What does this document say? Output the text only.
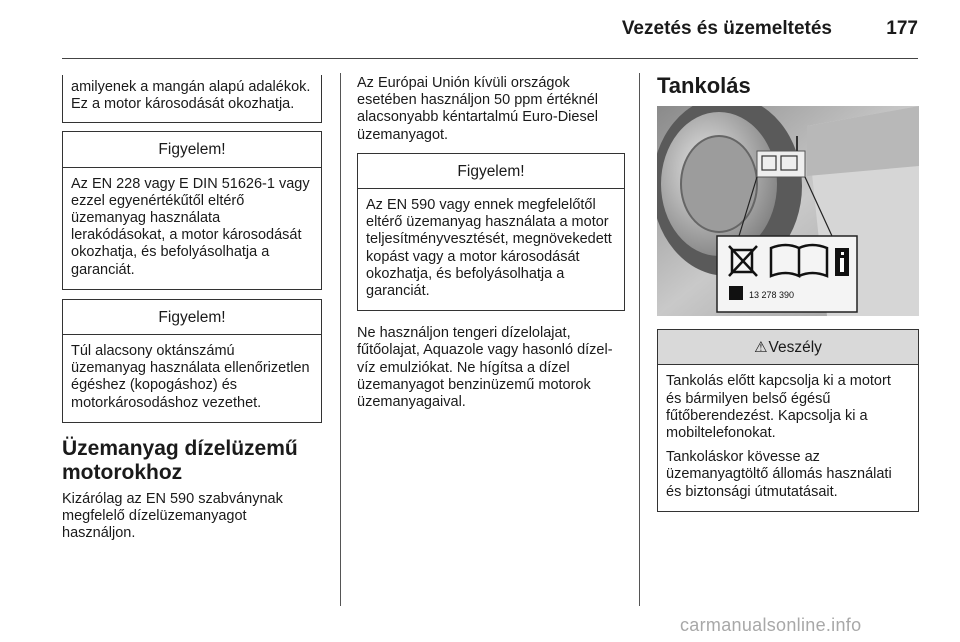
Vezetés és üzemeltetés	177
amilyenek a mangán alapú adalékok. Ez a motor károsodását okozhatja.
Figyelem!
Az EN 228 vagy E DIN 51626-1 vagy ezzel egyenértékűtől eltérő üzemanyag használata lerakódásokat, a motor károsodását okozhatja, és befolyásolhatja a garanciát.
Figyelem!
Túl alacsony oktánszámú üzemanyag használata ellenőrizetlen égéshez (kopogáshoz) és motorkárosodáshoz vezethet.
Üzemanyag dízelüzemű motorokhoz

Kizárólag az EN 590 szabványnak megfelelő dízelüzemanyagot használjon.

Az Európai Unión kívüli országok esetében használjon 50 ppm értéknél alacsonyabb kéntartalmú Euro-Diesel üzemanyagot.

Figyelem!
Az EN 590 vagy ennek megfelelőtől eltérő üzemanyag használata a motor teljesítményvesztését, megnövekedett kopást vagy a motor károsodását okozhatja, és befolyásolhatja a garanciát.

Ne használjon tengeri dízelolajat, fűtőolajat, Aquazole vagy hasonló dízel-víz emulziókat. Ne hígítsa a dízel üzemanyagot benzinüzemű motorok üzemanyagaival.

Tankolás
13 278 390
⚠Veszély

Tankolás előtt kapcsolja ki a motort és bármilyen belső égésű fűtőberendezést. Kapcsolja ki a mobiltelefonokat.

Tankoláskor kövesse az üzemanyagtöltő állomás használati és biztonsági útmutatásait.

carmanualsonline.info
